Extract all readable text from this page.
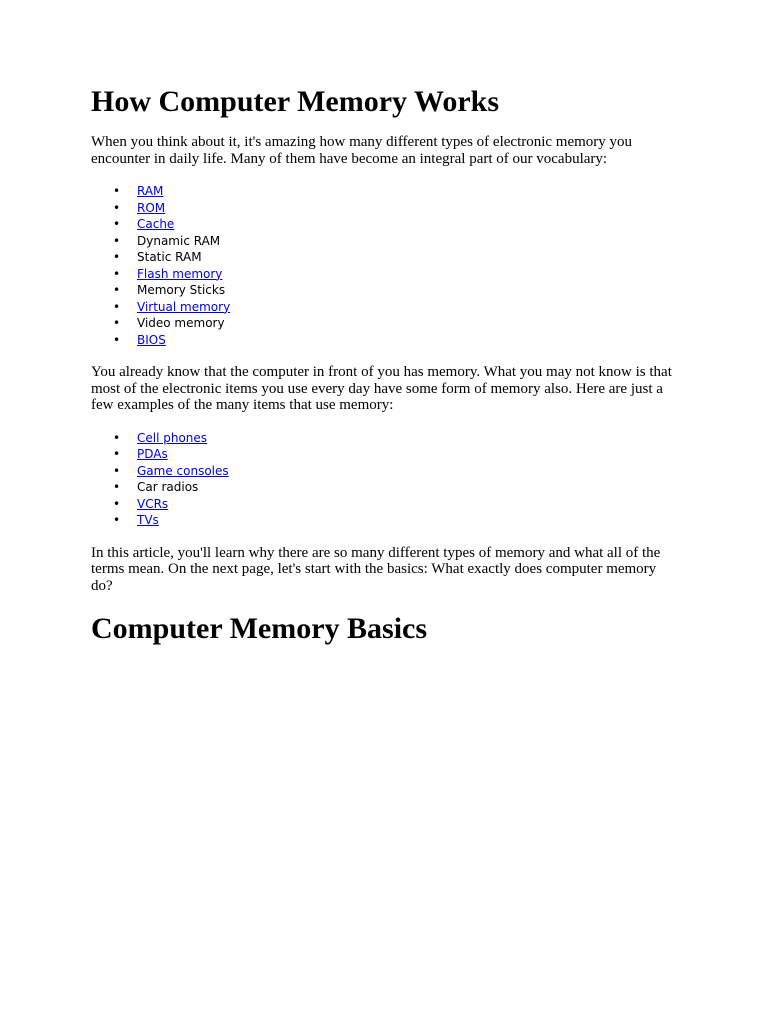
How Computer Memory Works

When you think about it, it's amazing how many different types of electronic memory you encounter in daily life. Many of them have become an integral part of our vocabulary:

• RAM
• ROM
• Cache
• Dynamic RAM
• Static RAM
• Flash memory
• Memory Sticks
• Virtual memory
• Video memory
• BIOS

You already know that the computer in front of you has memory. What you may not know is that most of the electronic items you use every day have some form of memory also. Here are just a few examples of the many items that use memory:

• Cell phones
• PDAs
• Game consoles
• Car radios
• VCRs
• TVs

In this article, you'll learn why there are so many different types of memory and what all of the terms mean. On the next page, let's start with the basics: What exactly does computer memory do?

Computer Memory Basics
